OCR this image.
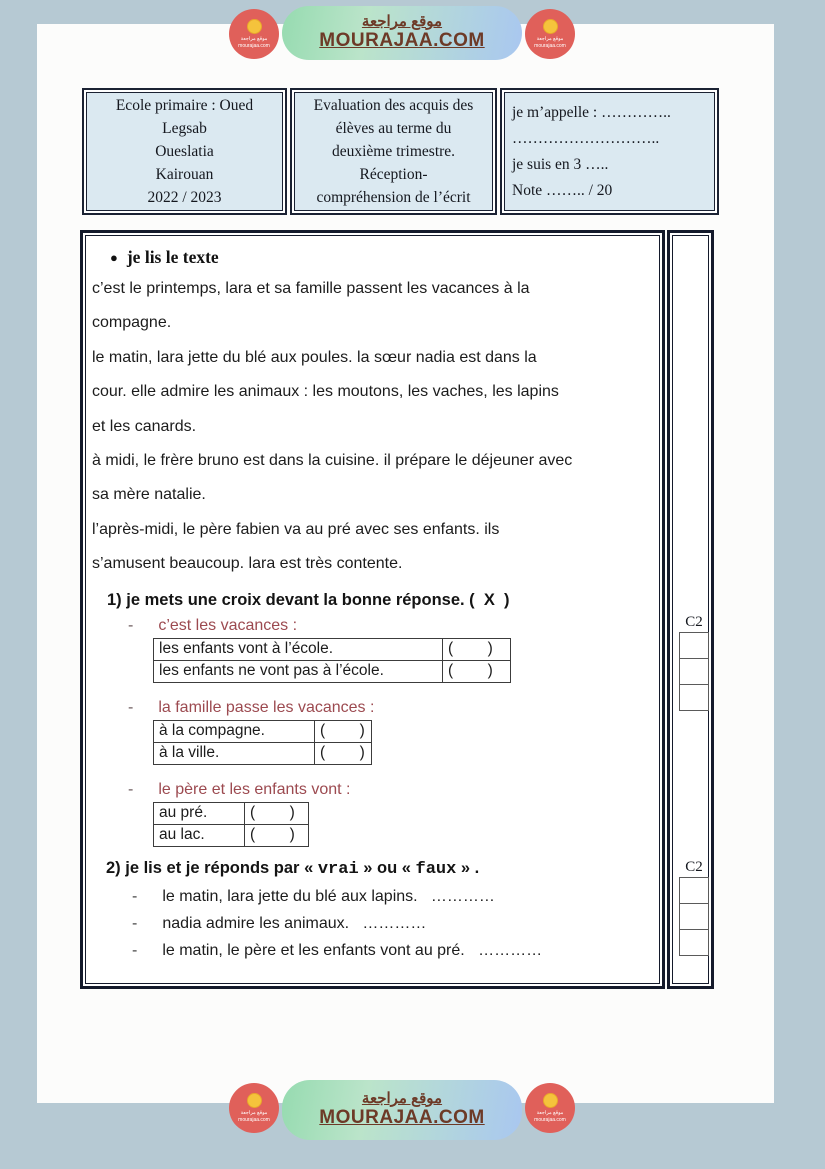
موقع مراجعة
mourajaa.com
موقع مراجعة
MOURAJAA.COM	موقع مراجعة
mourajaa.com
Ecole primaire : Oued
Legsab
Oueslatia
Kairouan
2022 / 2023
Evaluation des acquis des
élèves au terme du
deuxième trimestre.
Réception-
compréhension de l’écrit
je m’appelle : …………..
………………………..
je suis en 3 …..
Note …….. / 20
● je lis le texte
c’est le printemps, lara et sa famille passent les vacances à la
compagne.
le matin, lara jette du blé aux poules. la sœur nadia est dans la
cour. elle admire les animaux : les moutons, les vaches, les lapins
et les canards.
à midi, le frère bruno est dans la cuisine. il prépare le déjeuner avec
sa mère natalie.
l’après-midi, le père fabien va au pré avec ses enfants. ils
s’amusent beaucoup. lara est très contente.
1) je mets une croix devant la bonne réponse. (  X  )
- c’est les vacances :
les enfants vont à l’école.	(        )
les enfants ne vont pas à l’école.	(        )
- la famille passe les vacances :
à la compagne.	(        )
à la ville.	(        )
- le père et les enfants vont :
au pré.	(        )
au lac.	(        )
2) je lis et je réponds par « vrai » ou « faux » .
- le matin, lara jette du blé aux lapins.   …………
- nadia admire les animaux.   …………
- le matin, le père et les enfants vont au pré.   …………
C2
C2
موقع مراجعة
mourajaa.com
موقع مراجعة
MOURAJAA.COM	موقع مراجعة
mourajaa.com
